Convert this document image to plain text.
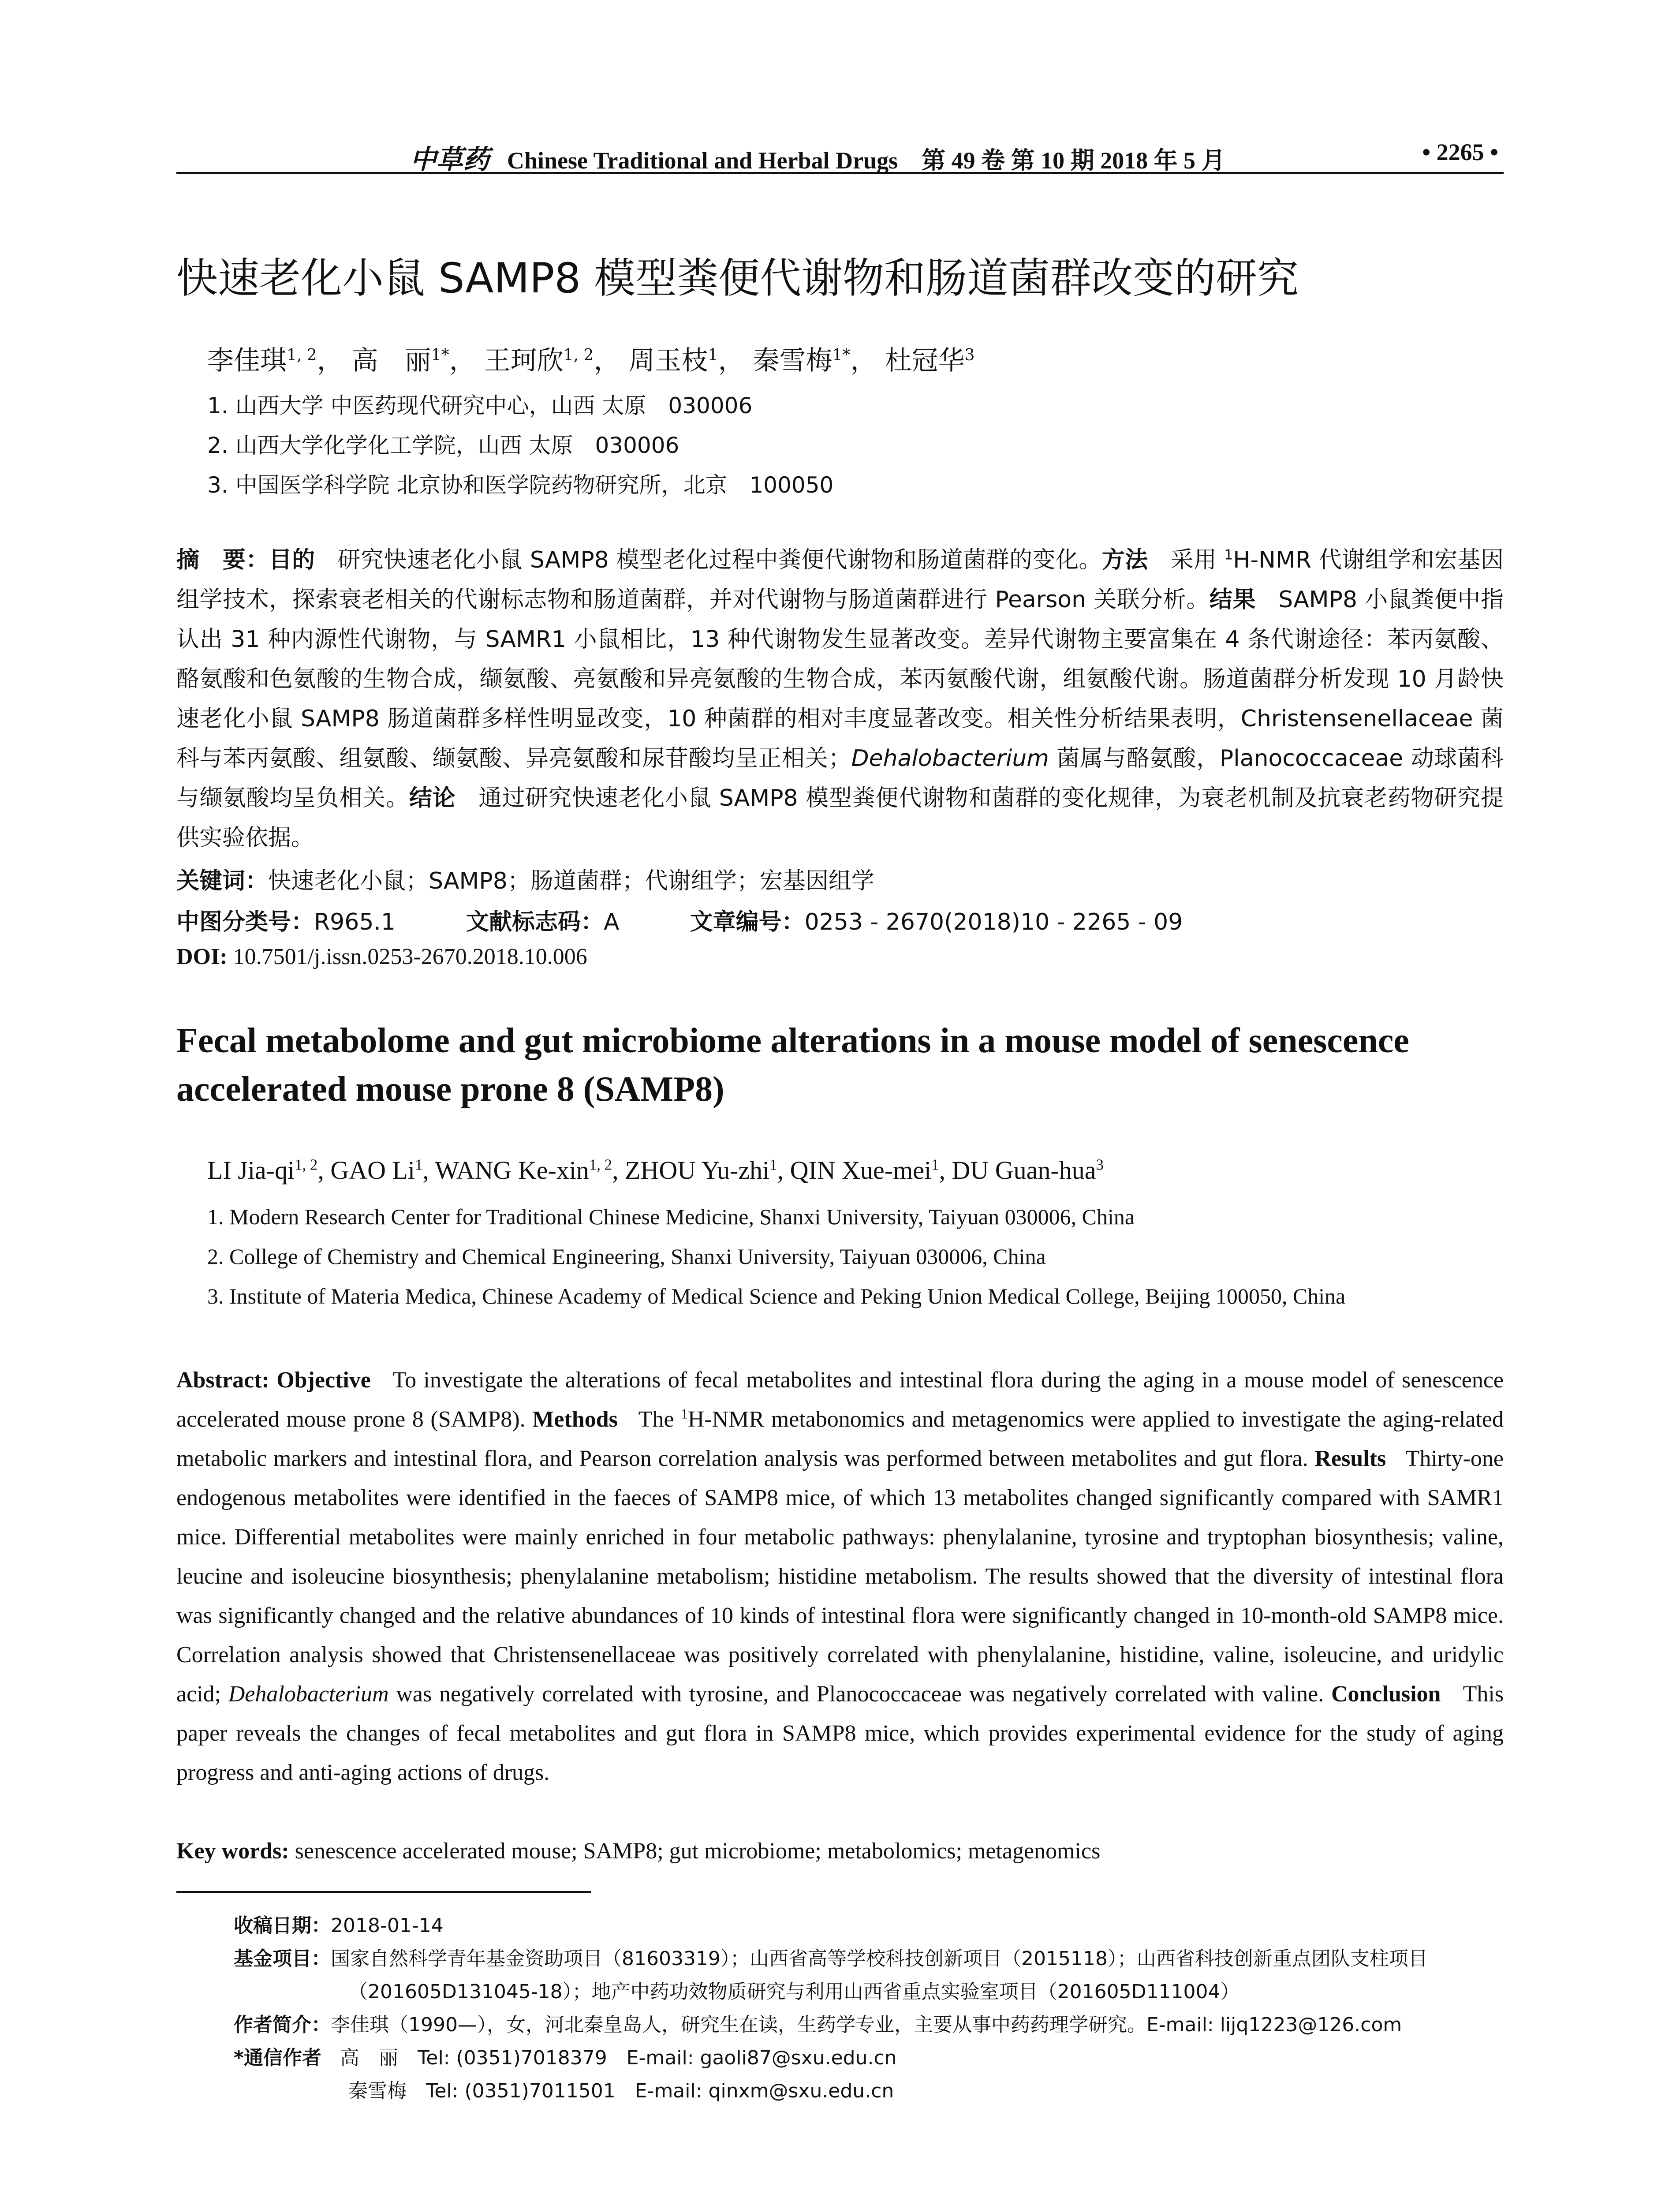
中草药 Chinese Traditional and Herbal Drugs 第 49 卷 第 10 期 2018 年 5 月	• 2265 •
快速老化小鼠 SAMP8 模型粪便代谢物和肠道菌群改变的研究
李佳琪$^{1, 2}$， 高　丽$^{1*}$， 王珂欣$^{1, 2}$， 周玉枝$^1$， 秦雪梅$^{1*}$， 杜冠华$^3$
1. 山西大学 中医药现代研究中心，山西 太原　030006
2. 山西大学化学化工学院，山西 太原　030006
3. 中国医学科学院 北京协和医学院药物研究所，北京　100050
摘　要：目的 研究快速老化小鼠 SAMP8 模型老化过程中粪便代谢物和肠道菌群的变化。方法 采用 $^1$H-NMR 代谢组学和宏基因组学技术，探索衰老相关的代谢标志物和肠道菌群，并对代谢物与肠道菌群进行 Pearson 关联分析。结果 SAMP8 小鼠粪便中指认出 31 种内源性代谢物，与 SAMR1 小鼠相比，13 种代谢物发生显著改变。差异代谢物主要富集在 4 条代谢途径：苯丙氨酸、酪氨酸和色氨酸的生物合成，缬氨酸、亮氨酸和异亮氨酸的生物合成，苯丙氨酸代谢，组氨酸代谢。肠道菌群分析发现 10 月龄快速老化小鼠 SAMP8 肠道菌群多样性明显改变，10 种菌群的相对丰度显著改变。相关性分析结果表明，Christensenellaceae 菌科与苯丙氨酸、组氨酸、缬氨酸、异亮氨酸和尿苷酸均呈正相关；Dehalobacterium 菌属与酪氨酸，Planococcaceae 动球菌科与缬氨酸均呈负相关。结论 通过研究快速老化小鼠 SAMP8 模型粪便代谢物和菌群的变化规律，为衰老机制及抗衰老药物研究提供实验依据。
关键词：快速老化小鼠；SAMP8；肠道菌群；代谢组学；宏基因组学
中图分类号：R965.1	文献标志码：A	文章编号：0253 - 2670(2018)10 - 2265 - 09
DOI: 10.7501/j.issn.0253-2670.2018.10.006
Fecal metabolome and gut microbiome alterations in a mouse model of senescence accelerated mouse prone 8 (SAMP8)
LI Jia-qi$^{1, 2}$, GAO Li$^1$, WANG Ke-xin$^{1, 2}$, ZHOU Yu-zhi$^1$, QIN Xue-mei$^1$, DU Guan-hua$^3$
1. Modern Research Center for Traditional Chinese Medicine, Shanxi University, Taiyuan 030006, China
2. College of Chemistry and Chemical Engineering, Shanxi University, Taiyuan 030006, China
3. Institute of Materia Medica, Chinese Academy of Medical Science and Peking Union Medical College, Beijing 100050, China
Abstract: Objective To investigate the alterations of fecal metabolites and intestinal flora during the aging in a mouse model of senescence accelerated mouse prone 8 (SAMP8). Methods The $^1$H-NMR metabonomics and metagenomics were applied to investigate the aging-related metabolic markers and intestinal flora, and Pearson correlation analysis was performed between metabolites and gut flora. Results Thirty-one endogenous metabolites were identified in the faeces of SAMP8 mice, of which 13 metabolites changed significantly compared with SAMR1 mice. Differential metabolites were mainly enriched in four metabolic pathways: phenylalanine, tyrosine and tryptophan biosynthesis; valine, leucine and isoleucine biosynthesis; phenylalanine metabolism; histidine metabolism. The results showed that the diversity of intestinal flora was significantly changed and the relative abundances of 10 kinds of intestinal flora were significantly changed in 10-month-old SAMP8 mice. Correlation analysis showed that Christensenellaceae was positively correlated with phenylalanine, histidine, valine, isoleucine, and uridylic acid; Dehalobacterium was negatively correlated with tyrosine, and Planococcaceae was negatively correlated with valine. Conclusion This paper reveals the changes of fecal metabolites and gut flora in SAMP8 mice, which provides experimental evidence for the study of aging progress and anti-aging actions of drugs.
Key words: senescence accelerated mouse; SAMP8; gut microbiome; metabolomics; metagenomics
收稿日期：2018-01-14
基金项目：国家自然科学青年基金资助项目（81603319）；山西省高等学校科技创新项目（2015118）；山西省科技创新重点团队支柱项目
（201605D131045-18）；地产中药功效物质研究与利用山西省重点实验室项目（201605D111004）
作者简介：李佳琪（1990—），女，河北秦皇岛人，研究生在读，生药学专业，主要从事中药药理学研究。E-mail: lijq1223@126.com
*通信作者 高　丽　Tel: (0351)7018379　E-mail: gaoli87@sxu.edu.cn
秦雪梅　Tel: (0351)7011501　E-mail: qinxm@sxu.edu.cn
